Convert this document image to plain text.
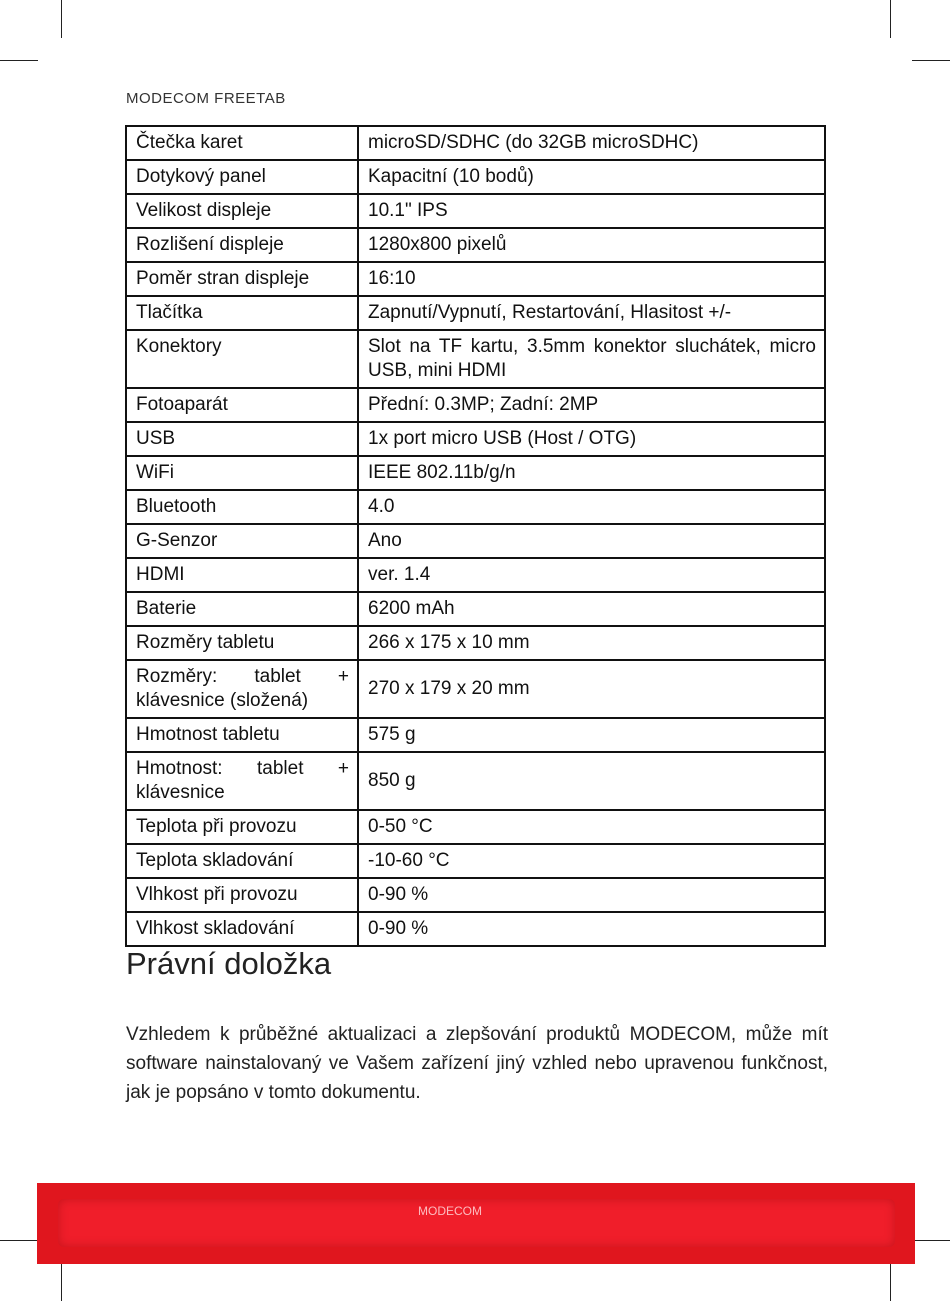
MODECOM FREETAB
Čtečka karet	microSD/SDHC (do 32GB microSDHC)
Dotykový panel	Kapacitní (10 bodů)
Velikost displeje	10.1" IPS
Rozlišení displeje	1280x800 pixelů
Poměr stran displeje	16:10
Tlačítka	Zapnutí/Vypnutí, Restartování, Hlasitost +/-
Konektory	Slot na TF kartu, 3.5mm konektor sluchátek, micro USB, mini HDMI
Fotoaparát	Přední: 0.3MP; Zadní: 2MP
USB	1x port micro USB (Host / OTG)
WiFi	IEEE 802.11b/g/n
Bluetooth	4.0
G-Senzor	Ano
HDMI	ver. 1.4
Baterie	6200 mAh
Rozměry tabletu	266 x 175 x 10 mm
Rozměry: tablet + klávesnice (složená)	270 x 179 x 20 mm
Hmotnost tabletu	575 g
Hmotnost: tablet + klávesnice	850 g
Teplota při provozu	0-50 °C
Teplota skladování	-10-60 °C
Vlhkost při provozu	0-90 %
Vlhkost skladování	0-90 %
Právní doložka
Vzhledem k průběžné aktualizaci a zlepšování produktů MODECOM, může mít software nainstalovaný ve Vašem zařízení jiný vzhled nebo upravenou funkčnost, jak je popsáno v tomto dokumentu.
MODECOM
